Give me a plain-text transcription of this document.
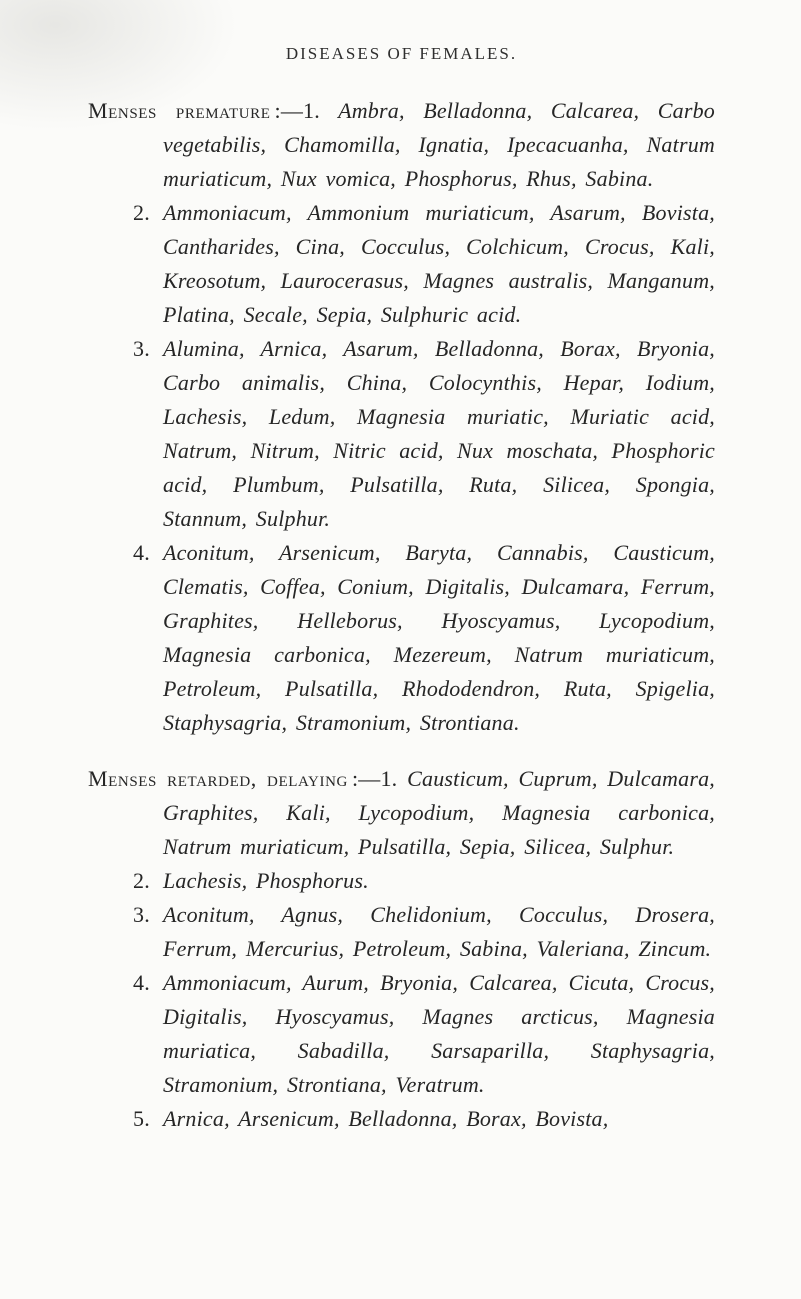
DISEASES OF FEMALES.

Menses premature :—1. Ambra, Belladonna, Calcarea, Carbo vegetabilis, Chamomilla, Ignatia, Ipecacuanha, Natrum muriaticum, Nux vomica, Phosphorus, Rhus, Sabina.

2. Ammoniacum, Ammonium muriaticum, Asarum, Bovista, Cantharides, Cina, Cocculus, Colchicum, Crocus, Kali, Kreosotum, Laurocerasus, Magnes australis, Manganum, Platina, Secale, Sepia, Sulphuric acid.

3. Alumina, Arnica, Asarum, Belladonna, Borax, Bryonia, Carbo animalis, China, Colocynthis, Hepar, Iodium, Lachesis, Ledum, Magnesia muriatic, Muriatic acid, Natrum, Nitrum, Nitric acid, Nux moschata, Phosphoric acid, Plumbum, Pulsatilla, Ruta, Silicea, Spongia, Stannum, Sulphur.

4. Aconitum, Arsenicum, Baryta, Cannabis, Causticum, Clematis, Coffea, Conium, Digitalis, Dulcamara, Ferrum, Graphites, Helleborus, Hyoscyamus, Lycopodium, Magnesia carbonica, Mezereum, Natrum muriaticum, Petroleum, Pulsatilla, Rhododendron, Ruta, Spigelia, Staphysagria, Stramonium, Strontiana.

Menses retarded, delaying :—1. Causticum, Cuprum, Dulcamara, Graphites, Kali, Lycopodium, Magnesia carbonica, Natrum muriaticum, Pulsatilla, Sepia, Silicea, Sulphur.

2. Lachesis, Phosphorus.

3. Aconitum, Agnus, Chelidonium, Cocculus, Drosera, Ferrum, Mercurius, Petroleum, Sabina, Valeriana, Zincum.

4. Ammoniacum, Aurum, Bryonia, Calcarea, Cicuta, Crocus, Digitalis, Hyoscyamus, Magnes arcticus, Magnesia muriatica, Sabadilla, Sarsaparilla, Staphysagria, Stramonium, Strontiana, Veratrum.

5. Arnica, Arsenicum, Belladonna, Borax, Bovista,
